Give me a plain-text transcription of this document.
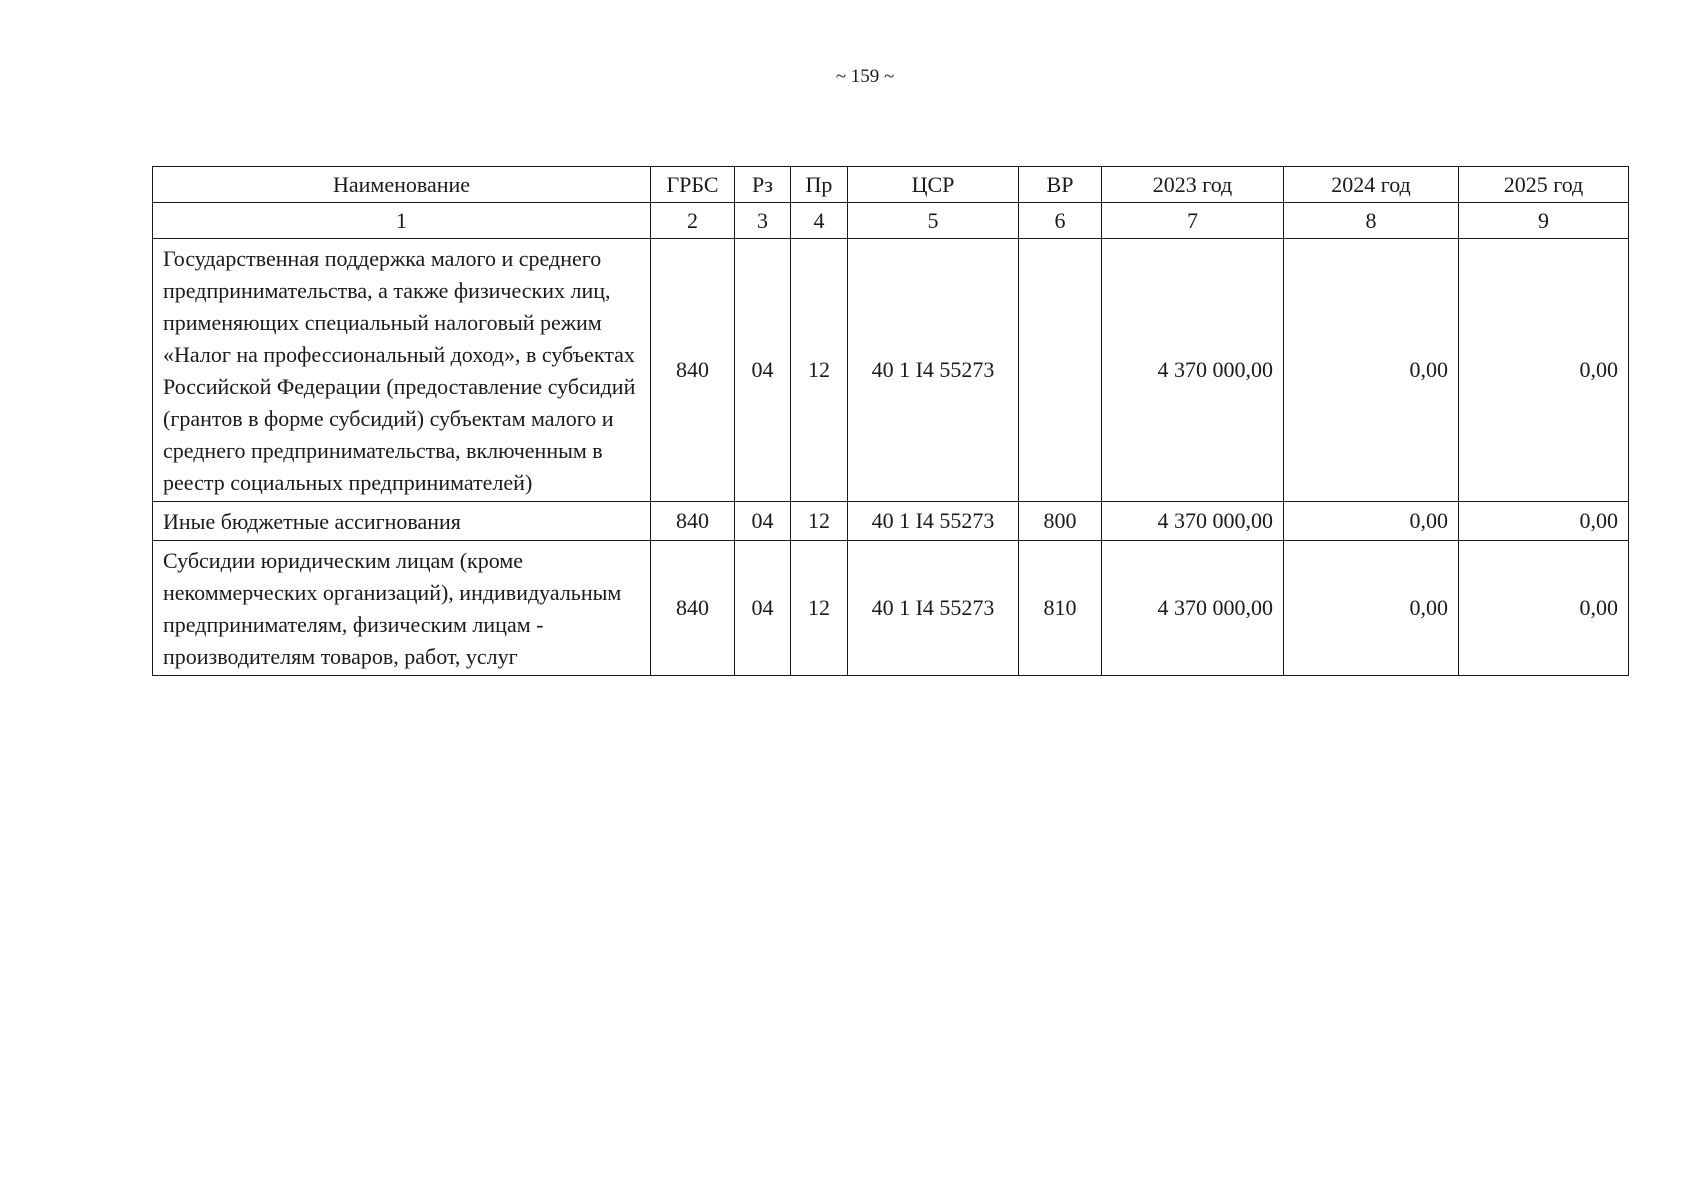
~ 159 ~
Наименование	ГРБС	Рз	Пр	ЦСР	ВР	2023 год	2024 год	2025 год
1	2	3	4	5	6	7	8	9
Государственная поддержка малого и среднего предпринимательства, а также физических лиц, применяющих специальный налоговый режим «Налог на профессиональный доход», в субъектах Российской Федерации (предоставление субсидий (грантов в форме субсидий) субъектам малого и среднего предпринимательства, включенным в реестр социальных предпринимателей)	840	04	12	40 1 I4 55273		4 370 000,00	0,00	0,00
Иные бюджетные ассигнования	840	04	12	40 1 I4 55273	800	4 370 000,00	0,00	0,00
Субсидии юридическим лицам (кроме некоммерческих организаций), индивидуальным предпринимателям, физическим лицам - производителям товаров, работ, услуг	840	04	12	40 1 I4 55273	810	4 370 000,00	0,00	0,00
